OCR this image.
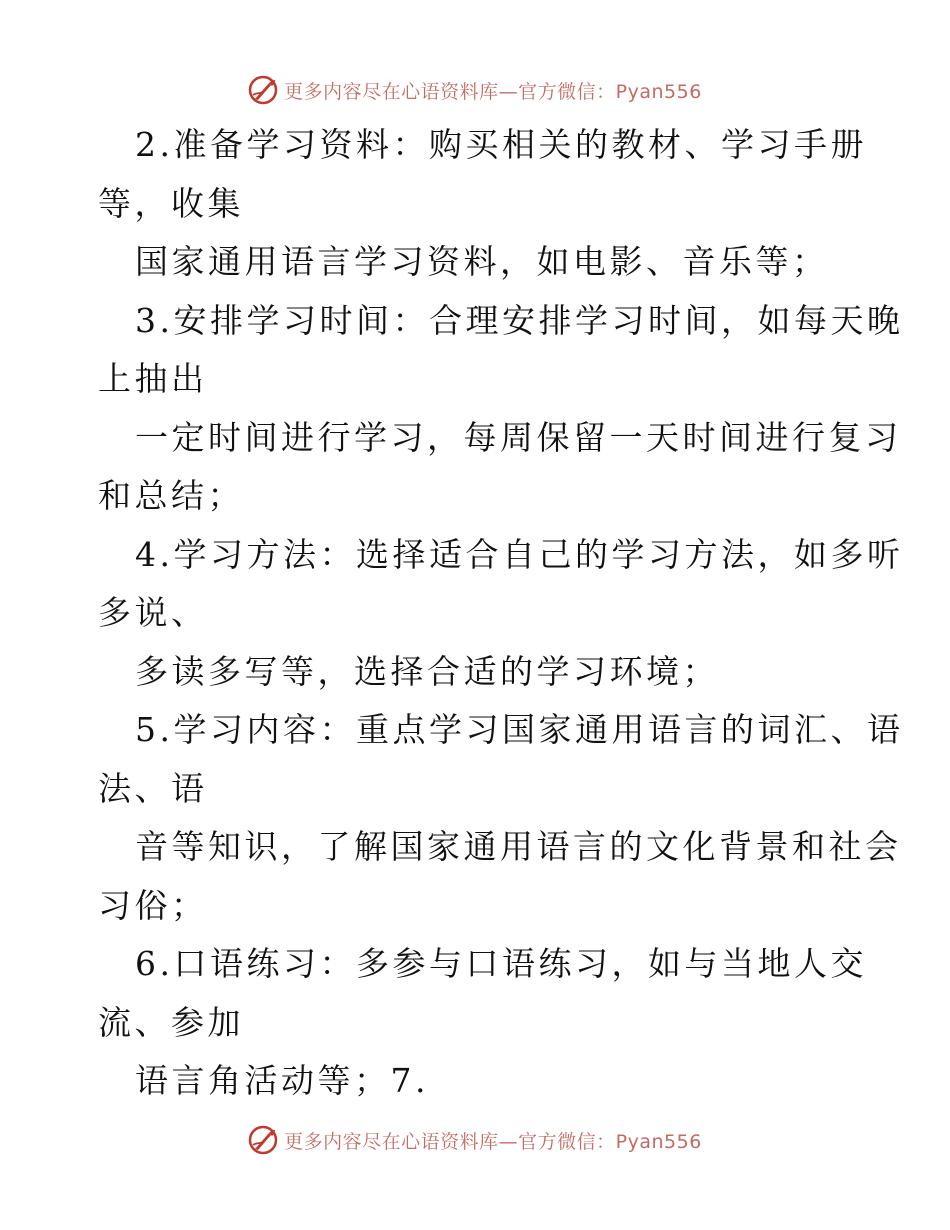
更多内容尽在心语资料库—官方微信：Pyan556
2.准备学习资料：购买相关的教材、学习手册
等，收集
国家通用语言学习资料，如电影、音乐等；
3.安排学习时间：合理安排学习时间，如每天晚
上抽出
一定时间进行学习，每周保留一天时间进行复习
和总结；
4.学习方法：选择适合自己的学习方法，如多听
多说、
多读多写等，选择合适的学习环境；
5.学习内容：重点学习国家通用语言的词汇、语
法、语
音等知识，了解国家通用语言的文化背景和社会
习俗；
6.口语练习：多参与口语练习，如与当地人交
流、参加
语言角活动等；7.
更多内容尽在心语资料库—官方微信：Pyan556
